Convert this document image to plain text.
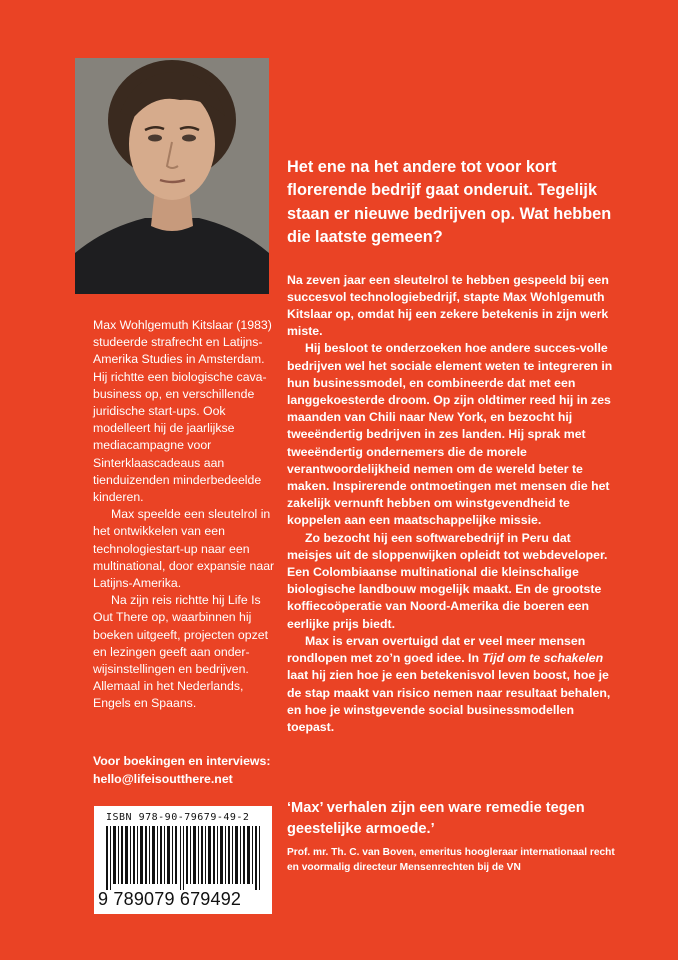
Max Wohlgemuth Kitslaar (1983) studeerde strafrecht en Latijns-Amerika Studies in Amsterdam. Hij richtte een biologische cava-business op, en verschillende juridische start-ups. Ook modelleert hij de jaarlijkse mediacampagne voor Sinterklaascadeaus aan tienduizenden minderbedeelde kinderen.

Max speelde een sleutelrol in het ontwikkelen van een technologiestart-up naar een multinational, door expansie naar Latijns-Amerika.

Na zijn reis richtte hij Life Is Out There op, waarbinnen hij boeken uitgeeft, projecten opzet en lezingen geeft aan onder-wijsinstellingen en bedrijven. Allemaal in het Nederlands, Engels en Spaans.

Voor boekingen en interviews:
hello@lifeisoutthere.net

Het ene na het andere tot voor kort florerende bedrijf gaat onderuit. Tegelijk staan er nieuwe bedrijven op. Wat hebben die laatste gemeen?

Na zeven jaar een sleutelrol te hebben gespeeld bij een succesvol technologiebedrijf, stapte Max Wohlgemuth Kitslaar op, omdat hij een zekere betekenis in zijn werk miste.

Hij besloot te onderzoeken hoe andere succes-volle bedrijven wel het sociale element weten te integreren in hun businessmodel, en combineerde dat met een langgekoesterde droom. Op zijn oldtimer reed hij in zes maanden van Chili naar New York, en bezocht hij tweeëndertig bedrijven in zes landen. Hij sprak met tweeëndertig ondernemers die de morele verantwoordelijkheid nemen om de wereld beter te maken. Inspirerende ontmoetingen met mensen die het zakelijk vernunft hebben om winstgevendheid te koppelen aan een maatschappelijke missie.

Zo bezocht hij een softwarebedrijf in Peru dat meisjes uit de sloppenwijken opleidt tot webdeveloper. Een Colombiaanse multinational die kleinschalige biologische landbouw mogelijk maakt. En de grootste koffiecoöperatie van Noord-Amerika die boeren een eerlijke prijs biedt.

Max is ervan overtuigd dat er veel meer mensen rondlopen met zo’n goed idee. In Tijd om te schakelen laat hij zien hoe je een betekenisvol leven boost, hoe je de stap maakt van risico nemen naar resultaat behalen, en hoe je winstgevende social businessmodellen toepast.

ISBN 978-90-79679-49-2
9 789079 679492
‘Max’ verhalen zijn een ware remedie tegen geestelijke armoede.’
Prof. mr. Th. C. van Boven, emeritus hoogleraar internationaal recht en voormalig directeur Mensenrechten bij de VN
